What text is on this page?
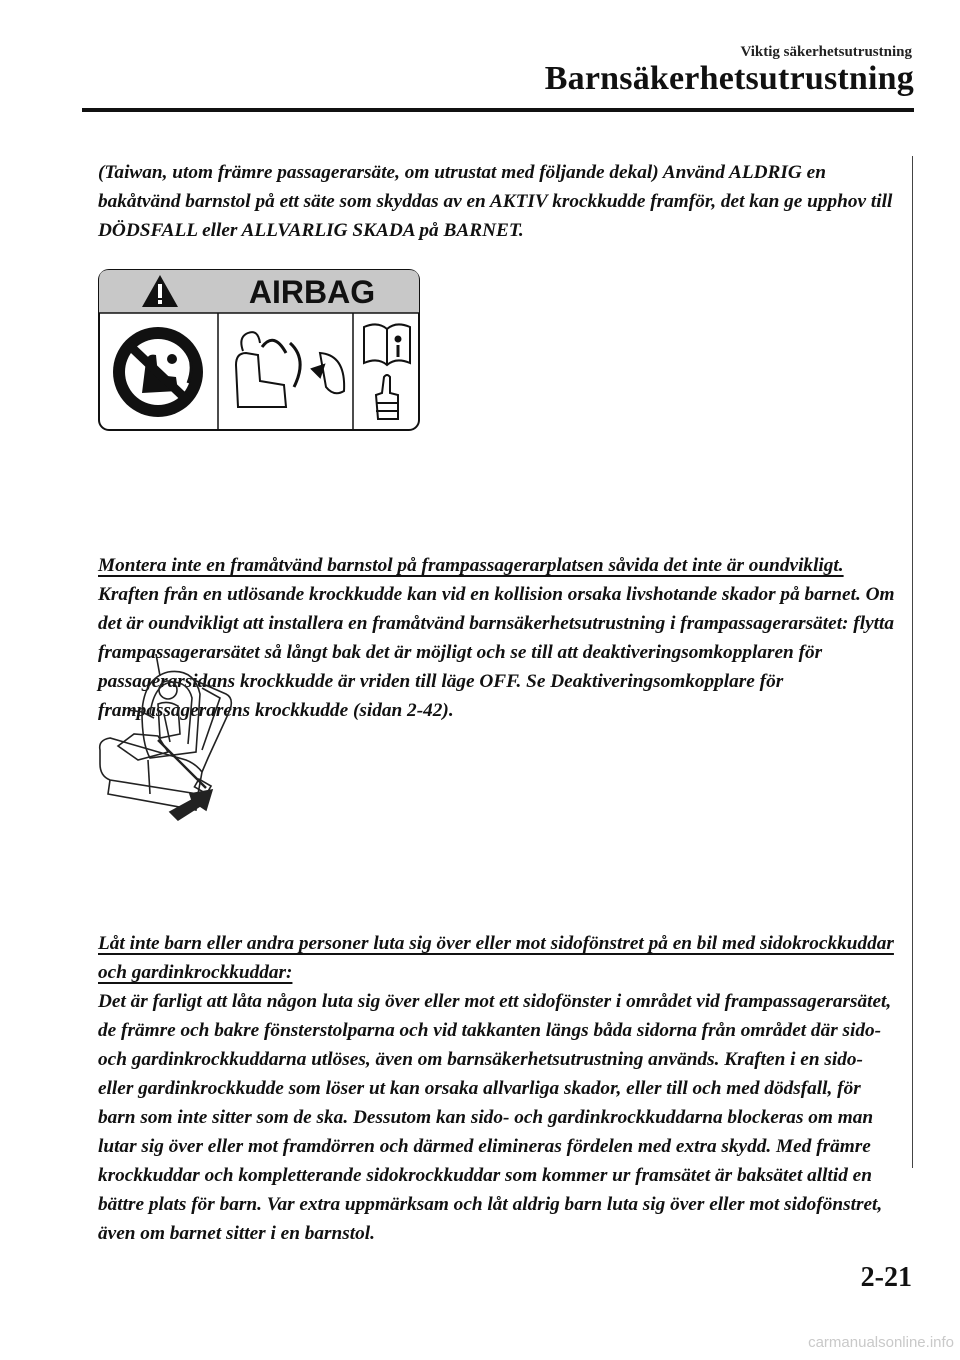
Viktig säkerhetsutrustning
Barnsäkerhetsutrustning

(Taiwan, utom främre passagerarsäte, om utrustat med följande dekal) Använd ALDRIG en bakåtvänd barnstol på ett säte som skyddas av en AKTIV krockkudde framför, det kan ge upphov till DÖDSFALL eller ALLVARLIG SKADA på BARNET.

Montera inte en framåtvänd barnstol på frampassagerarplatsen såvida det inte är oundvikligt.
Kraften från en utlösande krockkudde kan vid en kollision orsaka livshotande skador på barnet. Om det är oundvikligt att installera en framåtvänd barnsäkerhetsutrustning i frampassagerarsätet: flytta frampassagerarsätet så långt bak det är möjligt och se till att deaktiveringsomkopplaren för passagerarsidans krockkudde är vriden till läge OFF. Se Deaktiveringsomkopplare för frampassagerarens krockkudde (sidan 2-42).

Låt inte barn eller andra personer luta sig över eller mot sidofönstret på en bil med sidokrockkuddar och gardinkrockkuddar:
Det är farligt att låta någon luta sig över eller mot ett sidofönster i området vid frampassagerarsätet, de främre och bakre fönsterstolparna och vid takkanten längs båda sidorna från området där sido- och gardinkrockkuddarna utlöses, även om barnsäkerhetsutrustning används. Kraften i en sido- eller gardinkrockkudde som löser ut kan orsaka allvarliga skador, eller till och med dödsfall, för barn som inte sitter som de ska. Dessutom kan sido- och gardinkrockkuddarna blockeras om man lutar sig över eller mot framdörren och därmed elimineras fördelen med extra skydd. Med främre krockkuddar och kompletterande sidokrockkuddar som kommer ur framsätet är baksätet alltid en bättre plats för barn. Var extra uppmärksam och låt aldrig barn luta sig över eller mot sidofönstret, även om barnet sitter i en barnstol.

AIRBAG
2-21
carmanualsonline.info
